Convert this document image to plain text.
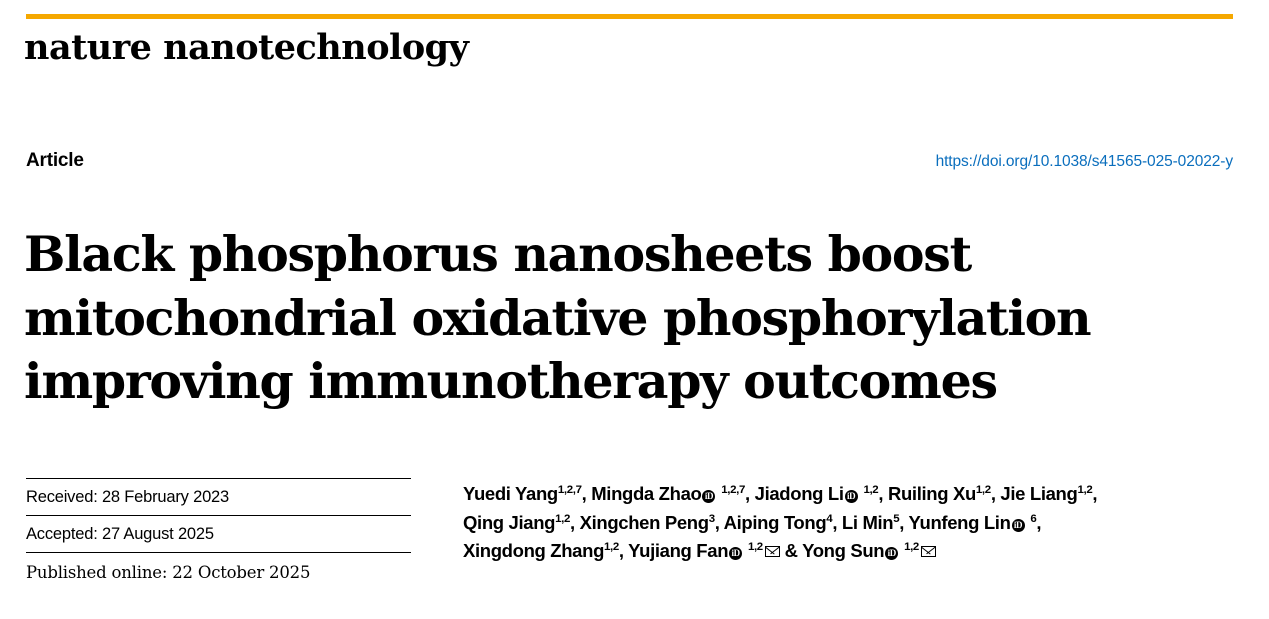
nature nanotechnology
Article	https://doi.org/10.1038/s41565-025-02022-y
Black phosphorus nanosheets boost mitochondrial oxidative phosphorylation improving immunotherapy outcomes
Received: 28 February 2023
Accepted: 27 August 2025
Published online: 22 October 2025
Yuedi Yang$^{1,2,7}$, Mingda Zhao iD $^{1,2,7}$, Jiadong Li iD $^{1,2}$, Ruiling Xu$^{1,2}$, Jie Liang$^{1,2}$,
Qing Jiang$^{1,2}$, Xingchen Peng$^3$, Aiping Tong$^4$, Li Min$^5$, Yunfeng Lin iD $^6$,
Xingdong Zhang$^{1,2}$, Yujiang Fan iD $^{1,2}$ & Yong Sun iD $^{1,2}$
